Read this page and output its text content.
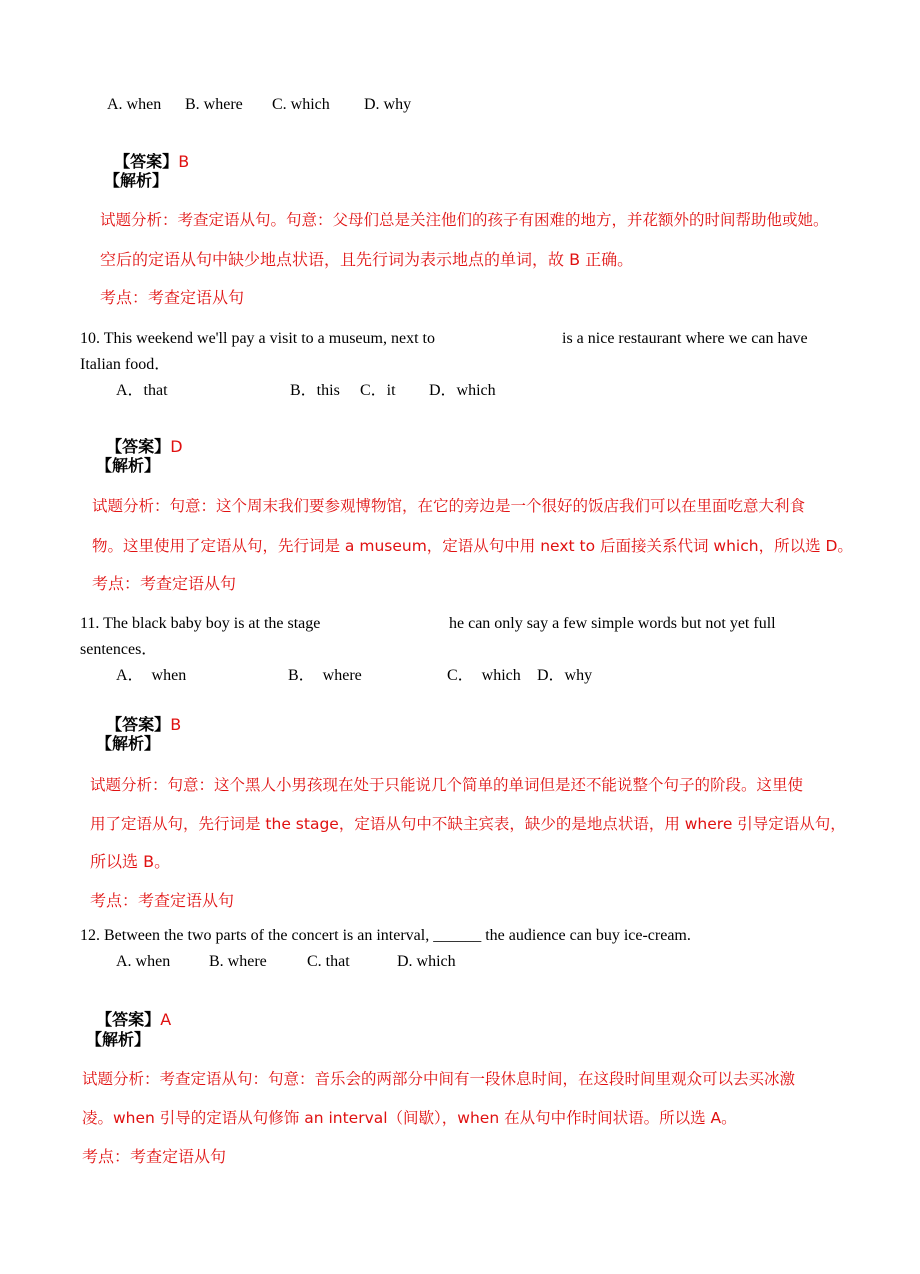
A. when B. where C. which D. why

【答案】B

【解析】
试题分析：考查定语从句。句意：父母们总是关注他们的孩子有困难的地方，并花额外的时间帮助他或她。
空后的定语从句中缺少地点状语，且先行词为表示地点的单词，故 B 正确。
考点：考查定语从句
10. This weekend we'll pay a visit to a museum, next to	is a nice restaurant where we can have
Italian food．
A．that	B．this C．it D．which

【答案】D

【解析】
试题分析：句意：这个周末我们要参观博物馆，在它的旁边是一个很好的饭店我们可以在里面吃意大利食
物。这里使用了定语从句，先行词是 a museum，定语从句中用 next to 后面接关系代词 which，所以选 D。
考点：考查定语从句
11. The black baby boy is at the stage	he can only say a few simple words but not yet full
sentences．
A．  when	B．  where	C．  which D．why

【答案】B

【解析】
试题分析：句意：这个黑人小男孩现在处于只能说几个简单的单词但是还不能说整个句子的阶段。这里使
用了定语从句，先行词是 the stage，定语从句中不缺主宾表，缺少的是地点状语，用 where 引导定语从句，
所以选 B。
考点：考查定语从句
12. Between the two parts of the concert is an interval, ______ the audience can buy ice-cream.
A. when B. where	C. that	D. which

【答案】A

【解析】
试题分析：考查定语从句：句意：音乐会的两部分中间有一段休息时间，在这段时间里观众可以去买冰激
凌。when 引导的定语从句修饰 an interval（间歇），when 在从句中作时间状语。所以选 A。
考点：考查定语从句
